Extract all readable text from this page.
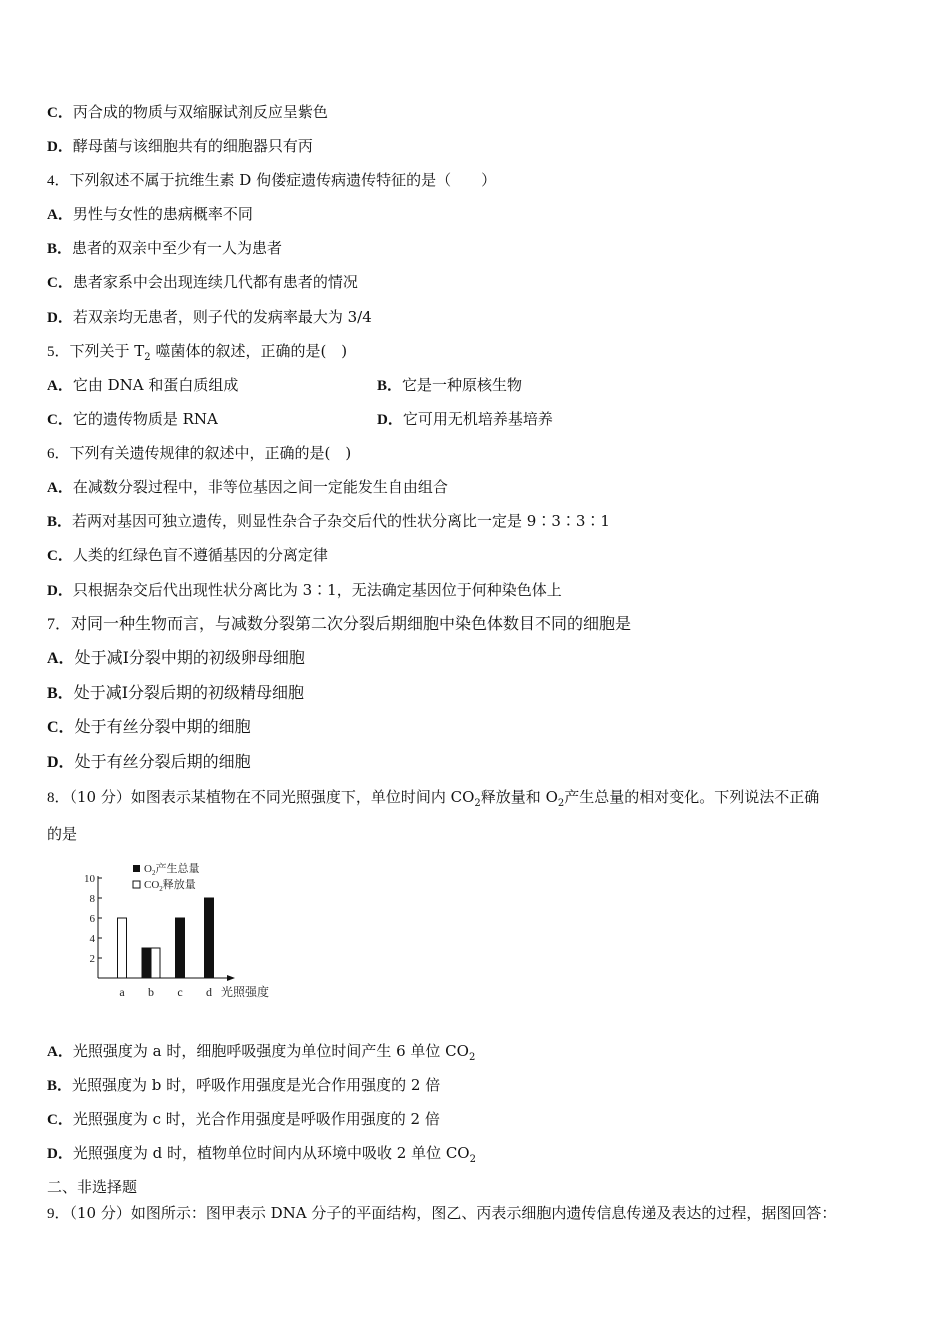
C．丙合成的物质与双缩脲试剂反应呈紫色
D．酵母菌与该细胞共有的细胞器只有丙
4．下列叙述不属于抗维生素 D 佝偻症遗传病遗传特征的是（　　）
A．男性与女性的患病概率不同
B．患者的双亲中至少有一人为患者
C．患者家系中会出现连续几代都有患者的情况
D．若双亲均无患者，则子代的发病率最大为 3/4
5．下列关于 $T_2$ 噬菌体的叙述，正确的是(　)
A．它由 DNA 和蛋白质组成	B．它是一种原核生物
C．它的遗传物质是 RNA	D．它可用无机培养基培养
6．下列有关遗传规律的叙述中，正确的是(　)
A．在减数分裂过程中，非等位基因之间一定能发生自由组合
B．若两对基因可独立遗传，则显性杂合子杂交后代的性状分离比一定是 9∶3∶3∶1
C．人类的红绿色盲不遵循基因的分离定律
D．只根据杂交后代出现性状分离比为 3∶1，无法确定基因位于何种染色体上
7．对同一种生物而言，与减数分裂第二次分裂后期细胞中染色体数目不同的细胞是
A．处于减Ⅰ分裂中期的初级卵母细胞
B．处于减Ⅰ分裂后期的初级精母细胞
C．处于有丝分裂中期的细胞
D．处于有丝分裂后期的细胞
8．（10 分）如图表示某植物在不同光照强度下，单位时间内 $CO_2$释放量和 $O_2$产生总量的相对变化。下列说法不正确
的是
$O_2$产生总量
$CO_2$释放量
2
4
6
8
10
a b c d 光照强度
A．光照强度为 a 时，细胞呼吸强度为单位时间产生 6 单位 $CO_2$
B．光照强度为 b 时，呼吸作用强度是光合作用强度的 2 倍
C．光照强度为 c 时，光合作用强度是呼吸作用强度的 2 倍
D．光照强度为 d 时，植物单位时间内从环境中吸收 2 单位 $CO_2$
二、非选择题
9．（10 分）如图所示：图甲表示 DNA 分子的平面结构，图乙、丙表示细胞内遗传信息传递及表达的过程，据图回答：
